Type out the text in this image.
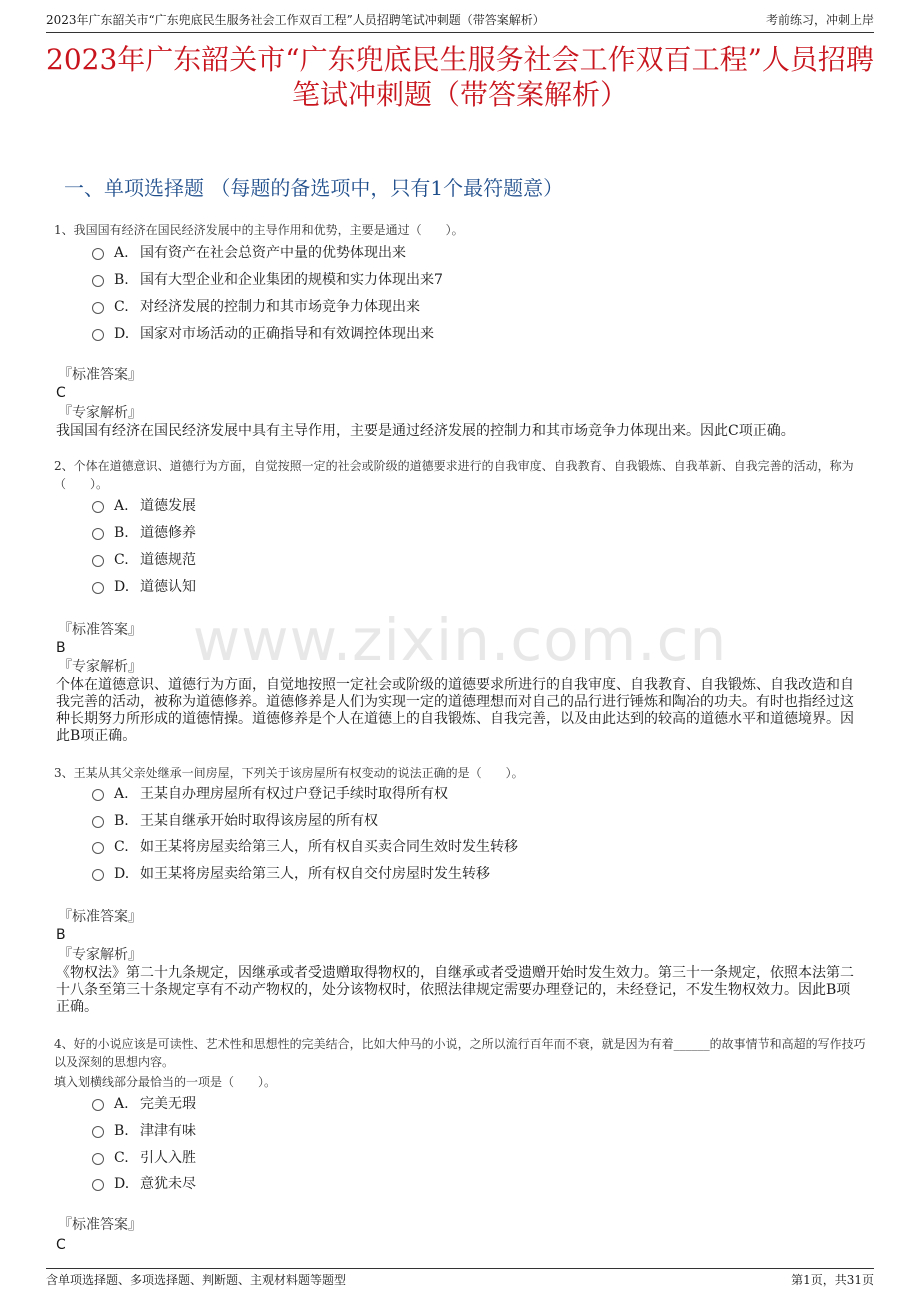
2023年广东韶关市“广东兜底民生服务社会工作双百工程”人员招聘笔试冲刺题（带答案解析）	考前练习，冲刺上岸
2023年广东韶关市“广东兜底民生服务社会工作双百工程”人员招聘笔试冲刺题（带答案解析）
一、单项选择题 （每题的备选项中，只有1个最符题意）
1、我国国有经济在国民经济发展中的主导作用和优势，主要是通过（　　）。
A. 国有资产在社会总资产中量的优势体现出来
B. 国有大型企业和企业集团的规模和实力体现出来7
C. 对经济发展的控制力和其市场竞争力体现出来
D. 国家对市场活动的正确指导和有效调控体现出来
『标准答案』
C
『专家解析』
我国国有经济在国民经济发展中具有主导作用，主要是通过经济发展的控制力和其市场竞争力体现出来。因此C项正确。
2、个体在道德意识、道德行为方面，自觉按照一定的社会或阶级的道德要求进行的自我审度、自我教育、自我锻炼、自我革新、自我完善的活动，称为（　　）。
A. 道德发展
B. 道德修养
C. 道德规范
D. 道德认知
『标准答案』
B
『专家解析』
个体在道德意识、道德行为方面，自觉地按照一定社会或阶级的道德要求所进行的自我审度、自我教育、自我锻炼、自我改造和自我完善的活动，被称为道德修养。道德修养是人们为实现一定的道德理想而对自己的品行进行锤炼和陶冶的功夫。有时也指经过这种长期努力所形成的道德情操。道德修养是个人在道德上的自我锻炼、自我完善，以及由此达到的较高的道德水平和道德境界。因此B项正确。
3、王某从其父亲处继承一间房屋，下列关于该房屋所有权变动的说法正确的是（　　）。
A. 王某自办理房屋所有权过户登记手续时取得所有权
B. 王某自继承开始时取得该房屋的所有权
C. 如王某将房屋卖给第三人，所有权自买卖合同生效时发生转移
D. 如王某将房屋卖给第三人，所有权自交付房屋时发生转移
『标准答案』
B
『专家解析』
《物权法》第二十九条规定，因继承或者受遗赠取得物权的，自继承或者受遗赠开始时发生效力。第三十一条规定，依照本法第二十八条至第三十条规定享有不动产物权的，处分该物权时，依照法律规定需要办理登记的，未经登记，不发生物权效力。因此B项正确。
4、好的小说应该是可读性、艺术性和思想性的完美结合，比如大仲马的小说，之所以流行百年而不衰，就是因为有着______的故事情节和高超的写作技巧以及深刻的思想内容。
填入划横线部分最恰当的一项是（　　）。
A. 完美无瑕
B. 津津有味
C. 引人入胜
D. 意犹未尽
『标准答案』
C
www.zixin.com.cn
含单项选择题、多项选择题、判断题、主观材料题等题型	第1页，共31页
